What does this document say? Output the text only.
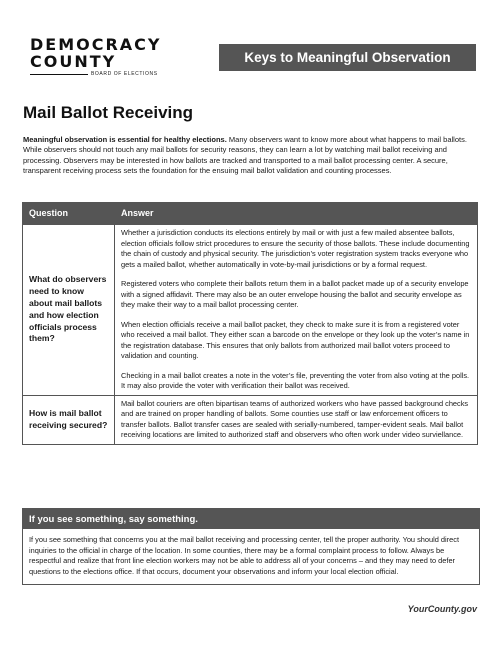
DEMOCRACY
COUNTY
BOARD OF ELECTIONS
Keys to Meaningful Observation
Mail Ballot Receiving

Meaningful observation is essential for healthy elections. Many observers want to know more about what happens to mail ballots. While observers should not touch any mail ballots for security reasons, they can learn a lot by watching mail ballot receiving and processing. Observers may be interested in how ballots are tracked and transported to a mail ballot processing center. A secure, transparent receiving process sets the foundation for the ensuing mail ballot validation and counting processes.

Question	Answer
What do observers need to know about mail ballots and how election officials process them?	Whether a jurisdiction conducts its elections entirely by mail or with just a few mailed absentee ballots, election officials follow strict procedures to ensure the security of those ballots. These include documenting the chain of custody and physical security. The jurisdiction’s voter registration system tracks everyone who gets a mailed ballot, whether automatically in vote-by-mail jurisdictions or by a formal request.

Registered voters who complete their ballots return them in a ballot packet made up of a security envelope with a signed affidavit. There may also be an outer envelope housing the ballot and security envelope as they make their way to a mail ballot processing center.

When election officials receive a mail ballot packet, they check to make sure it is from a registered voter who received a mail ballot. They either scan a barcode on the envelope or they look up the voter’s name in the registration database. This ensures that only ballots from authorized mail ballot voters proceed to validation and counting.

Checking in a mail ballot creates a note in the voter’s file, preventing the voter from also voting at the polls. It may also provide the voter with verification their ballot was received.

How is mail ballot receiving secured?	Mail ballot couriers are often bipartisan teams of authorized workers who have passed background checks and are trained on proper handling of ballots. Some counties use staff or law enforcement officers to transfer ballots. Ballot transfer cases are sealed with serially-numbered, tamper-evident seals. Mail ballot receiving locations are limited to authorized staff and observers who often work under video surviellance.

If you see something, say something.

If you see something that concerns you at the mail ballot receiving and processing center, tell the proper authority. You should direct inquiries to the official in charge of the location. In some counties, there may be a formal complaint process to follow. Always be respectful and realize that front line election workers may not be able to address all of your concerns – and they may need to defer questions to the elections office. If that occurs, document your observations and inform your local election official.

YourCounty.gov
